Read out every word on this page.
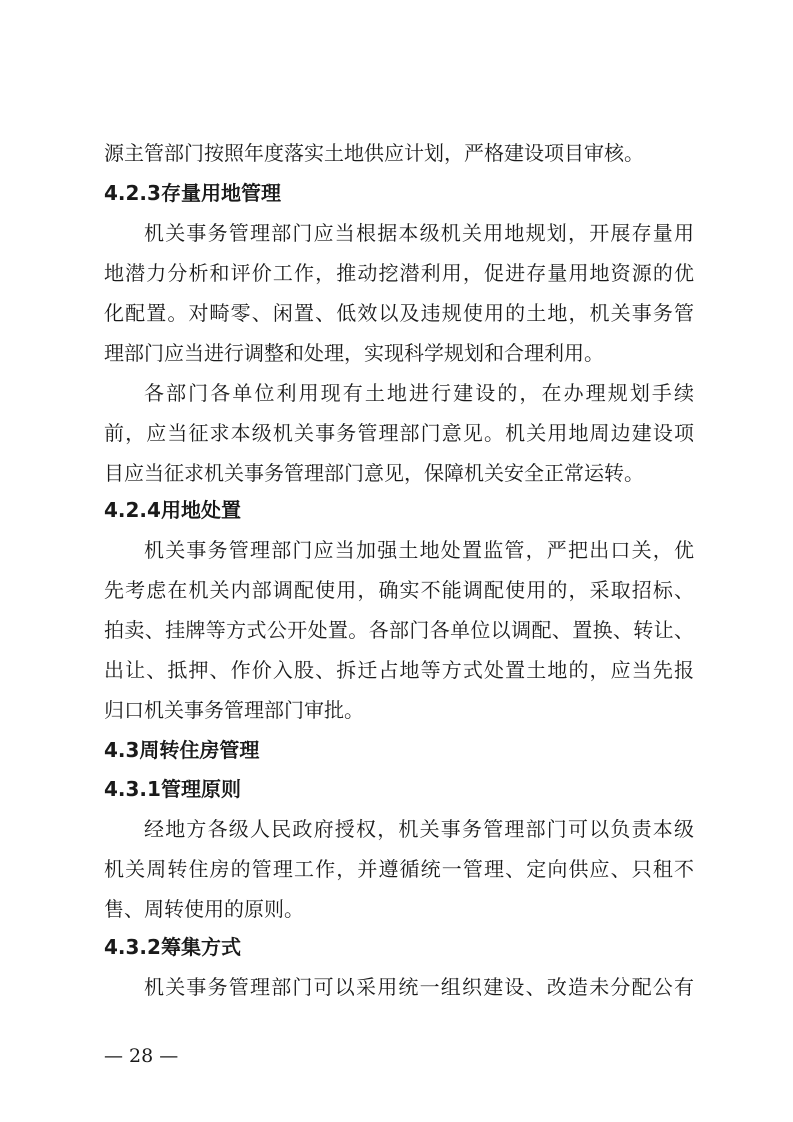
源主管部门按照年度落实土地供应计划，严格建设项目审核。
4.2.3存量用地管理
机关事务管理部门应当根据本级机关用地规划，开展存量用
地潜力分析和评价工作，推动挖潜利用，促进存量用地资源的优
化配置。对畸零、闲置、低效以及违规使用的土地，机关事务管
理部门应当进行调整和处理，实现科学规划和合理利用。
各部门各单位利用现有土地进行建设的，在办理规划手续
前，应当征求本级机关事务管理部门意见。机关用地周边建设项
目应当征求机关事务管理部门意见，保障机关安全正常运转。
4.2.4用地处置
机关事务管理部门应当加强土地处置监管，严把出口关，优
先考虑在机关内部调配使用，确实不能调配使用的，采取招标、
拍卖、挂牌等方式公开处置。各部门各单位以调配、置换、转让、
出让、抵押、作价入股、拆迁占地等方式处置土地的，应当先报
归口机关事务管理部门审批。
4.3周转住房管理
4.3.1管理原则
经地方各级人民政府授权，机关事务管理部门可以负责本级
机关周转住房的管理工作，并遵循统一管理、定向供应、只租不
售、周转使用的原则。
4.3.2筹集方式
机关事务管理部门可以采用统一组织建设、改造未分配公有
— 28 —
